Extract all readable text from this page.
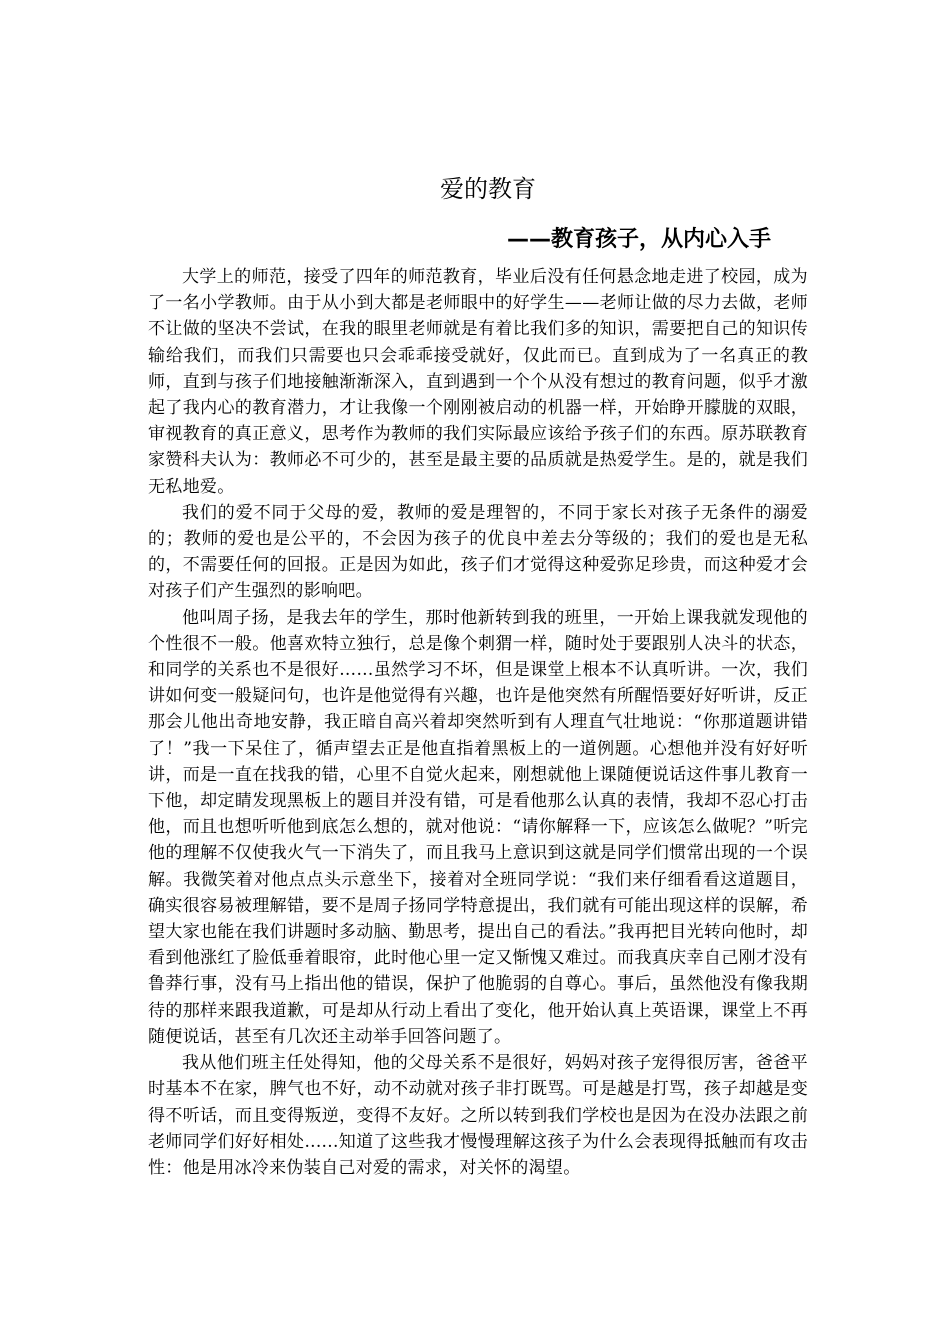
爱的教育
——教育孩子，从内心入手

大学上的师范，接受了四年的师范教育，毕业后没有任何悬念地走进了校园，成为了一名小学教师。由于从小到大都是老师眼中的好学生——老师让做的尽力去做，老师不让做的坚决不尝试，在我的眼里老师就是有着比我们多的知识，需要把自己的知识传输给我们，而我们只需要也只会乖乖接受就好，仅此而已。直到成为了一名真正的教师，直到与孩子们地接触渐渐深入，直到遇到一个个从没有想过的教育问题，似乎才激起了我内心的教育潜力，才让我像一个刚刚被启动的机器一样，开始睁开朦胧的双眼，审视教育的真正意义，思考作为教师的我们实际最应该给予孩子们的东西。原苏联教育家赞科夫认为：教师必不可少的，甚至是最主要的品质就是热爱学生。是的，就是我们无私地爱。

我们的爱不同于父母的爱，教师的爱是理智的，不同于家长对孩子无条件的溺爱的；教师的爱也是公平的，不会因为孩子的优良中差去分等级的；我们的爱也是无私的，不需要任何的回报。正是因为如此，孩子们才觉得这种爱弥足珍贵，而这种爱才会对孩子们产生强烈的影响吧。

他叫周子扬，是我去年的学生，那时他新转到我的班里，一开始上课我就发现他的个性很不一般。他喜欢特立独行，总是像个刺猬一样，随时处于要跟别人决斗的状态，和同学的关系也不是很好……虽然学习不坏，但是课堂上根本不认真听讲。一次，我们讲如何变一般疑问句，也许是他觉得有兴趣，也许是他突然有所醒悟要好好听讲，反正那会儿他出奇地安静，我正暗自高兴着却突然听到有人理直气壮地说：“你那道题讲错了！”我一下呆住了，循声望去正是他直指着黑板上的一道例题。心想他并没有好好听讲，而是一直在找我的错，心里不自觉火起来，刚想就他上课随便说话这件事儿教育一下他，却定睛发现黑板上的题目并没有错，可是看他那么认真的表情，我却不忍心打击他，而且也想听听他到底怎么想的，就对他说：“请你解释一下，应该怎么做呢？”听完他的理解不仅使我火气一下消失了，而且我马上意识到这就是同学们惯常出现的一个误解。我微笑着对他点点头示意坐下，接着对全班同学说：“我们来仔细看看这道题目，确实很容易被理解错，要不是周子扬同学特意提出，我们就有可能出现这样的误解，希望大家也能在我们讲题时多动脑、勤思考，提出自己的看法。”我再把目光转向他时，却看到他涨红了脸低垂着眼帘，此时他心里一定又惭愧又难过。而我真庆幸自己刚才没有鲁莽行事，没有马上指出他的错误，保护了他脆弱的自尊心。事后，虽然他没有像我期待的那样来跟我道歉，可是却从行动上看出了变化，他开始认真上英语课，课堂上不再随便说话，甚至有几次还主动举手回答问题了。

我从他们班主任处得知，他的父母关系不是很好，妈妈对孩子宠得很厉害，爸爸平时基本不在家，脾气也不好，动不动就对孩子非打既骂。可是越是打骂，孩子却越是变得不听话，而且变得叛逆，变得不友好。之所以转到我们学校也是因为在没办法跟之前老师同学们好好相处......知道了这些我才慢慢理解这孩子为什么会表现得抵触而有攻击性：他是用冰冷来伪装自己对爱的需求，对关怀的渴望。
